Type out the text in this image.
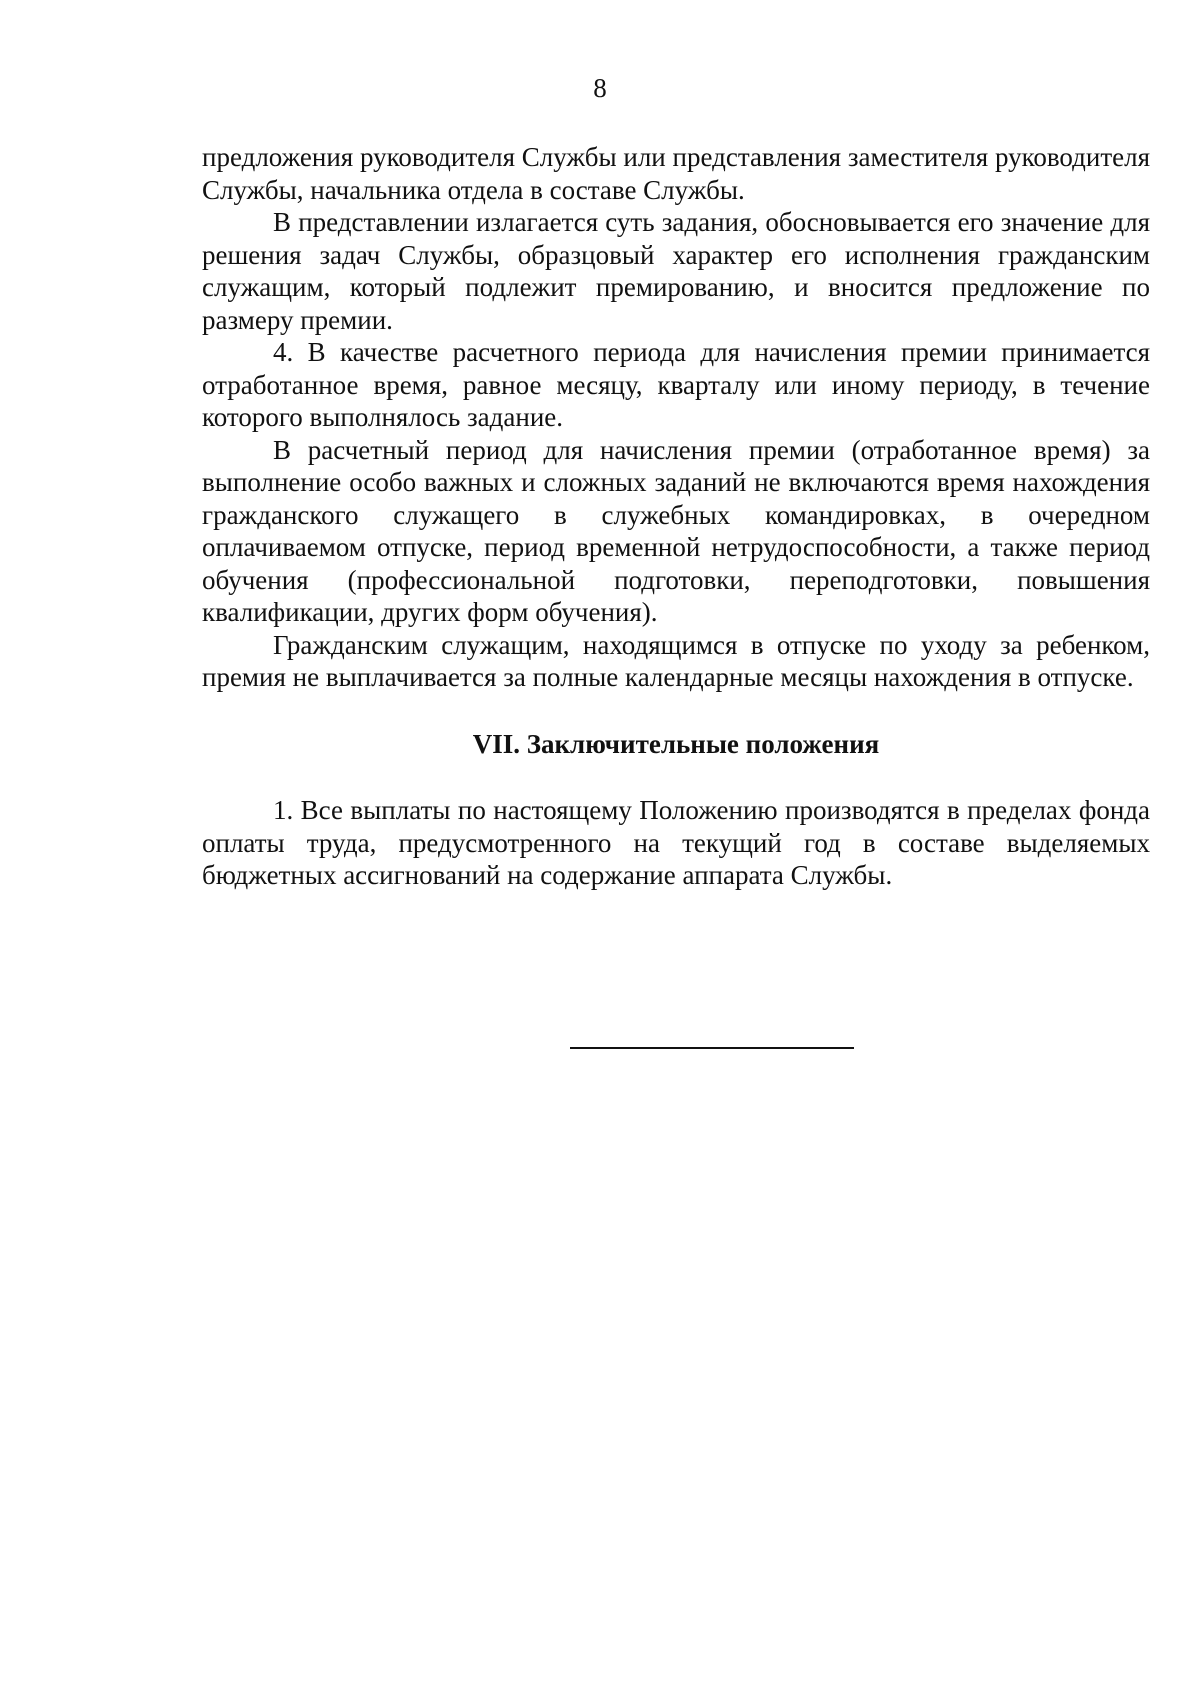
8

предложения руководителя Службы или представления заместителя руководителя Службы, начальника отдела в составе Службы.

В представлении излагается суть задания, обосновывается его значение для решения задач Службы, образцовый характер его исполнения гражданским служащим, который подлежит премированию, и вносится предложение по размеру премии.

4. В качестве расчетного периода для начисления премии принимается отработанное время, равное месяцу, кварталу или иному периоду, в течение которого выполнялось задание.

В расчетный период для начисления премии (отработанное время) за выполнение особо важных и сложных заданий не включаются время нахождения гражданского служащего в служебных командировках, в очередном оплачиваемом отпуске, период временной нетрудоспособности, а также период обучения (профессиональной подготовки, переподготовки, повышения квалификации, других форм обучения).

Гражданским служащим, находящимся в отпуске по уходу за ребенком, премия не выплачивается за полные календарные месяцы нахождения в отпуске.

VII. Заключительные положения

1. Все выплаты по настоящему Положению производятся в пределах фонда оплаты труда, предусмотренного на текущий год в составе выделяемых бюджетных ассигнований на содержание аппарата Службы.
